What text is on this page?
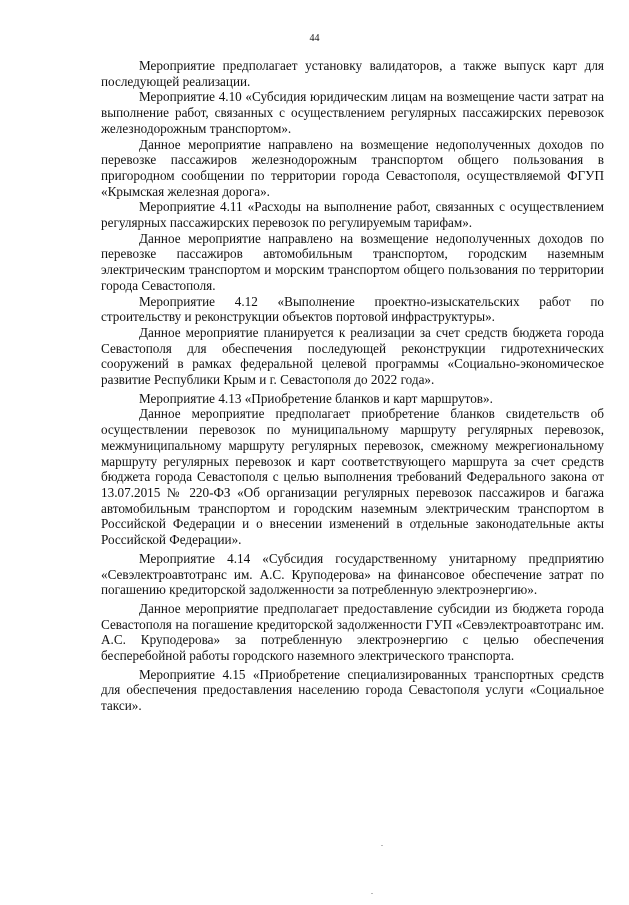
44

Мероприятие предполагает установку валидаторов, а также выпуск карт для последующей реализации.

Мероприятие 4.10 «Субсидия юридическим лицам на возмещение части затрат на выполнение работ, связанных с осуществлением регулярных пассажирских перевозок железнодорожным транспортом».

Данное мероприятие направлено на возмещение недополученных доходов по перевозке пассажиров железнодорожным транспортом общего пользования в пригородном сообщении по территории города Севастополя, осуществляемой ФГУП «Крымская железная дорога».

Мероприятие 4.11 «Расходы на выполнение работ, связанных с осуществлением регулярных пассажирских перевозок по регулируемым тарифам».

Данное мероприятие направлено на возмещение недополученных доходов по перевозке пассажиров автомобильным транспортом, городским наземным электрическим транспортом и морским транспортом общего пользования по территории города Севастополя.

Мероприятие 4.12 «Выполнение проектно-изыскательских работ по строительству и реконструкции объектов портовой инфраструктуры».

Данное мероприятие планируется к реализации за счет средств бюджета города Севастополя для обеспечения последующей реконструкции гидротехнических сооружений в рамках федеральной целевой программы «Социально-экономическое развитие Республики Крым и г. Севастополя до 2022 года».

Мероприятие 4.13 «Приобретение бланков и карт маршрутов».

Данное мероприятие предполагает приобретение бланков свидетельств об осуществлении перевозок по муниципальному маршруту регулярных перевозок, межмуниципальному маршруту регулярных перевозок, смежному межрегиональному маршруту регулярных перевозок и карт соответствующего маршрута за счет средств бюджета города Севастополя с целью выполнения требований Федерального закона от 13.07.2015 № 220-ФЗ «Об организации регулярных перевозок пассажиров и багажа автомобильным транспортом и городским наземным электрическим транспортом в Российской Федерации и о внесении изменений в отдельные законодательные акты Российской Федерации».

Мероприятие 4.14 «Субсидия государственному унитарному предприятию «Севэлектроавтотранс им. А.С. Круподерова» на финансовое обеспечение затрат по погашению кредиторской задолженности за потребленную электроэнергию».

Данное мероприятие предполагает предоставление субсидии из бюджета города Севастополя на погашение кредиторской задолженности ГУП «Севэлектроавтотранс им. А.С. Круподерова» за потребленную электроэнергию с целью обеспечения бесперебойной работы городского наземного электрического транспорта.

Мероприятие 4.15 «Приобретение специализированных транспортных средств для обеспечения предоставления населению города Севастополя услуги «Социальное такси».
